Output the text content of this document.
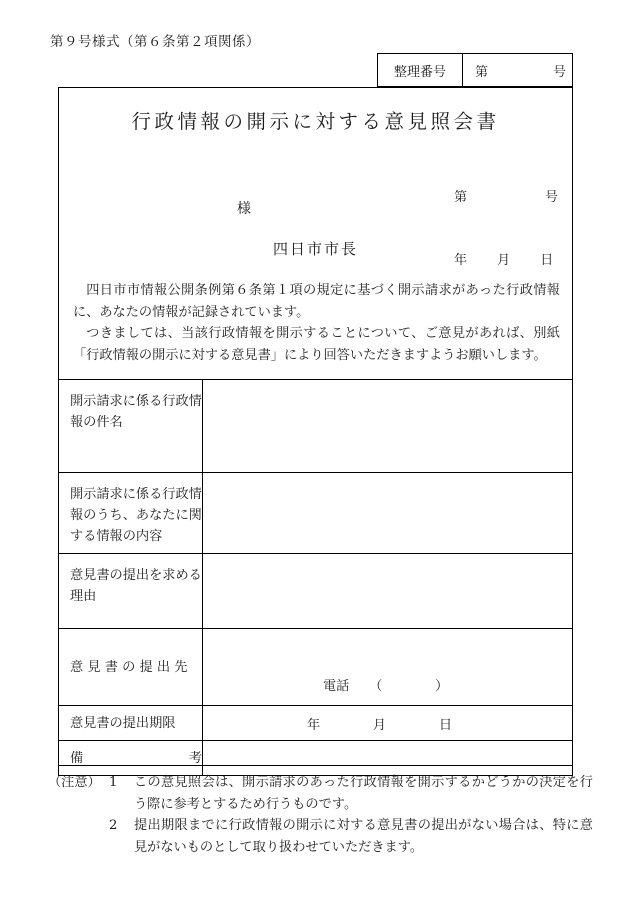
第９号様式（第６条第２項関係）
整理番号	第　　　　　号
行政情報の開示に対する意見照会書

第　　　　　　号

年　　 月　　 日

様
四日市市長

四日市市情報公開条例第６条第１項の規定に基づく開示請求があった行政情報に、あなたの情報が記録されています。

つきましては、当該行政情報を開示することについて、ご意見があれば、別紙「行政情報の開示に対する意見書」により回答いただきますようお願いします。

開示請求に係る行政情報の件名	
開示請求に係る行政情報のうち、あなたに関する情報の内容	
意見書の提出を求める理由	
意 見 書 の 提 出 先	電話　　（　　　　）

意見書の提出期限	年　　　　月　　　　日

備 考	

（注意） 1	この意見照会は、開示請求のあった行政情報を開示するかどうかの決定を行う際に参考とするため行うものです。
2	提出期限までに行政情報の開示に対する意見書の提出がない場合は、特に意見がないものとして取り扱わせていただきます。
